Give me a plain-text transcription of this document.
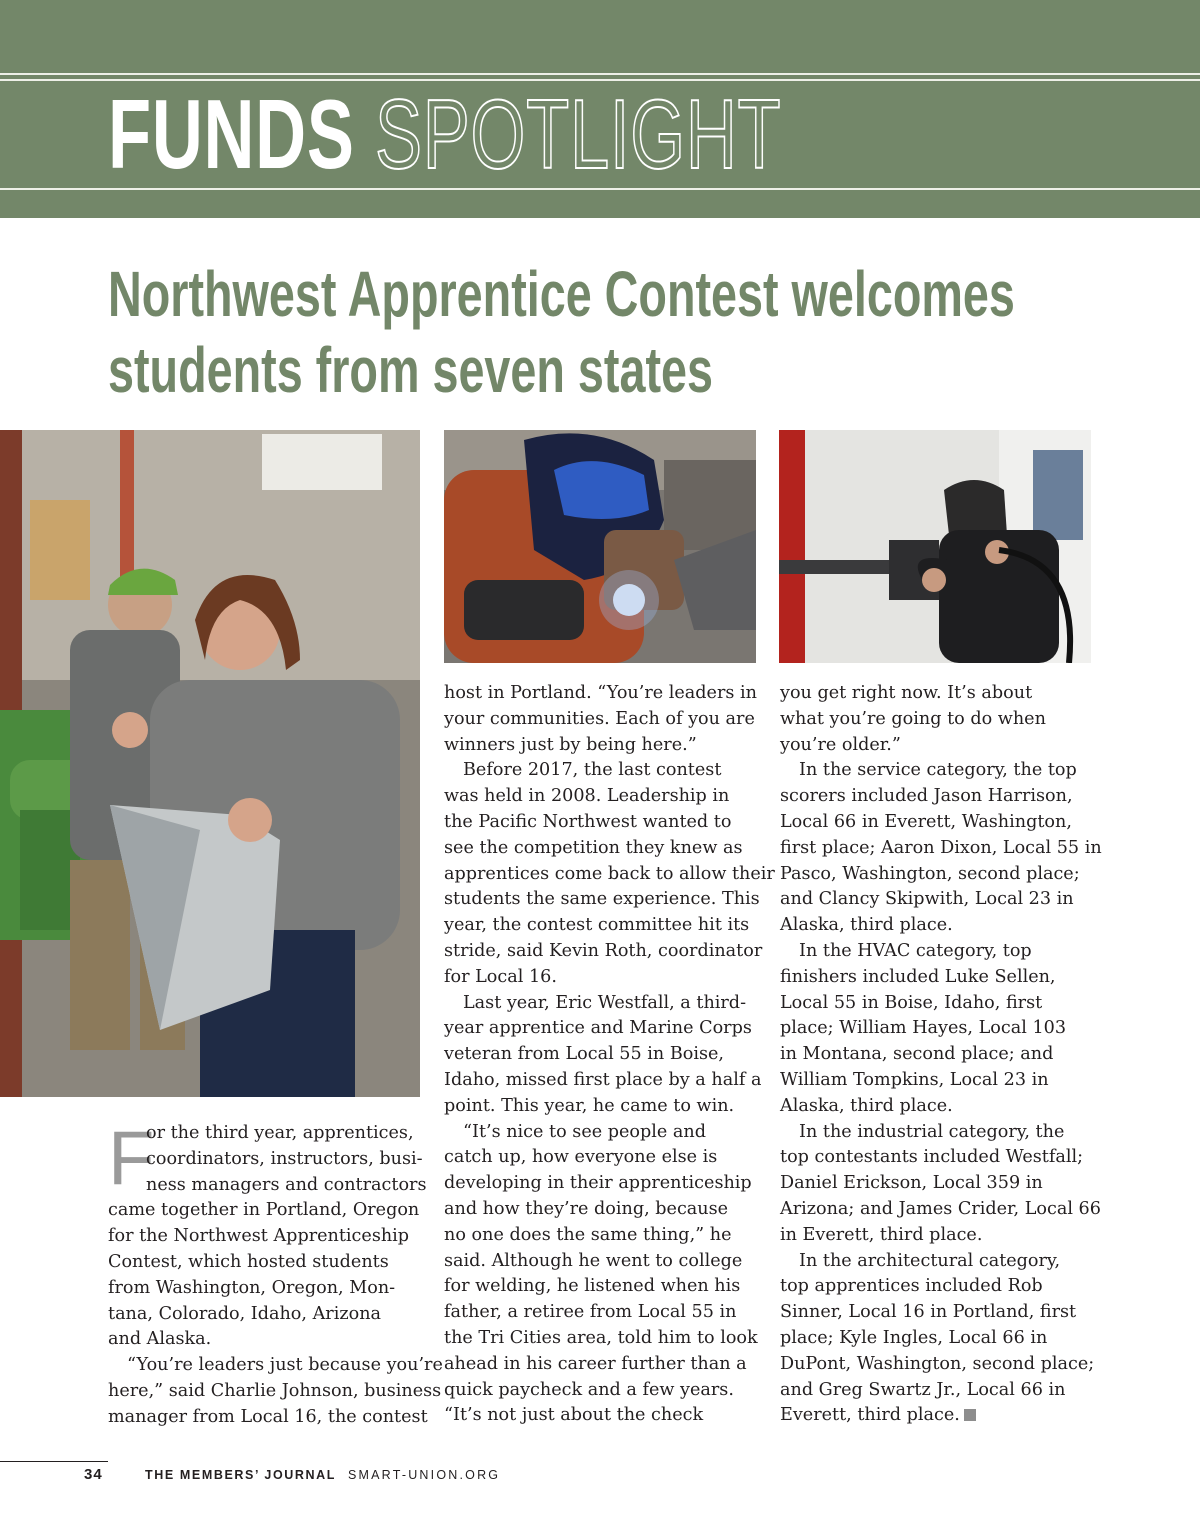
FUNDS SPOTLIGHT
Northwest Apprentice Contest welcomes
students from seven states
F

or the third year, apprentices,

coordinators, instructors, busi-

ness managers and contractors

came together in Portland, Oregon

for the Northwest Apprenticeship

Contest, which hosted students

from Washington, Oregon, Mon-

tana, Colorado, Idaho, Arizona

and Alaska.

“You’re leaders just because you’re

here,” said Charlie Johnson, business

manager from Local 16, the contest

host in Portland. “You’re leaders in

your communities. Each of you are

winners just by being here.”

Before 2017, the last contest

was held in 2008. Leadership in

the Pacific Northwest wanted to

see the competition they knew as

apprentices come back to allow their

students the same experience. This

year, the contest committee hit its

stride, said Kevin Roth, coordinator

for Local 16.

Last year, Eric Westfall, a third-

year apprentice and Marine Corps

veteran from Local 55 in Boise,

Idaho, missed first place by a half a

point. This year, he came to win.

“It’s nice to see people and

catch up, how everyone else is

developing in their apprenticeship

and how they’re doing, because

no one does the same thing,” he

said. Although he went to college

for welding, he listened when his

father, a retiree from Local 55 in

the Tri Cities area, told him to look

ahead in his career further than a

quick paycheck and a few years.

“It’s not just about the check

you get right now. It’s about

what you’re going to do when

you’re older.”

In the service category, the top

scorers included Jason Harrison,

Local 66 in Everett, Washington,

first place; Aaron Dixon, Local 55 in

Pasco, Washington, second place;

and Clancy Skipwith, Local 23 in

Alaska, third place.

In the HVAC category, top

finishers included Luke Sellen,

Local 55 in Boise, Idaho, first

place; William Hayes, Local 103

in Montana, second place; and

William Tompkins, Local 23 in

Alaska, third place.

In the industrial category, the

top contestants included Westfall;

Daniel Erickson, Local 359 in

Arizona; and James Crider, Local 66

in Everett, third place.

In the architectural category,

top apprentices included Rob

Sinner, Local 16 in Portland, first

place; Kyle Ingles, Local 66 in

DuPont, Washington, second place;

and Greg Swartz Jr., Local 66 in

Everett, third place.

34	THE MEMBERS’ JOURNAL SMART-UNION.ORG
